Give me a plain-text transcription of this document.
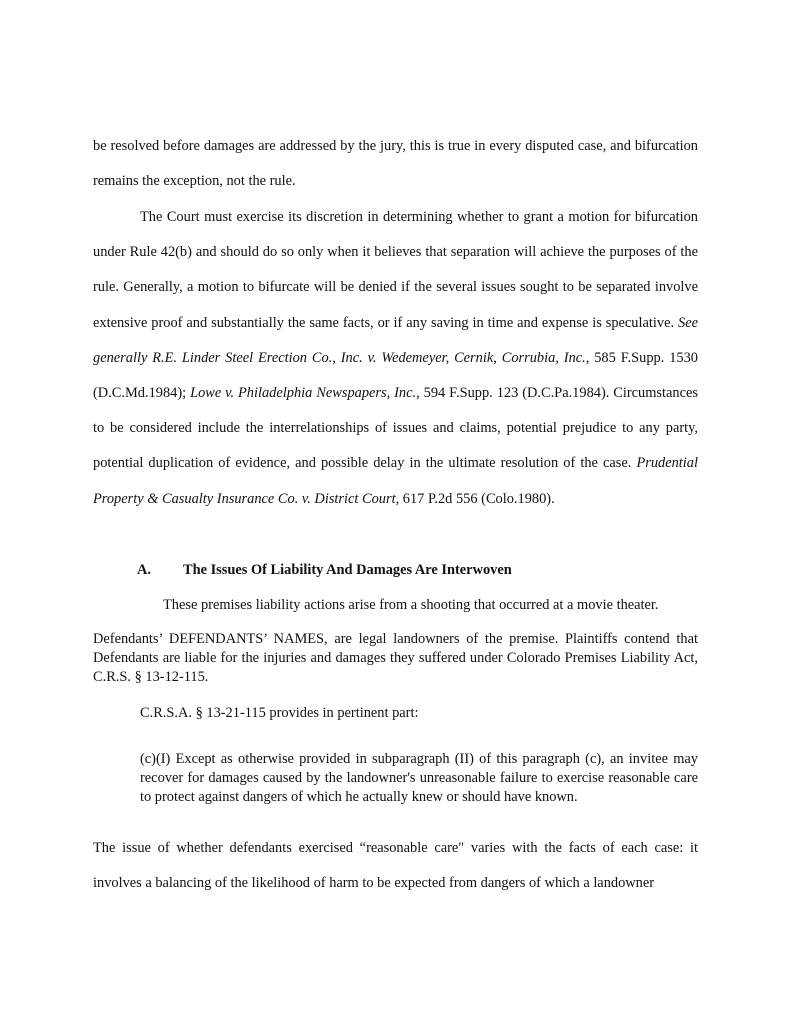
be resolved before damages are addressed by the jury, this is true in every disputed case, and bifurcation remains the exception, not the rule.

The Court must exercise its discretion in determining whether to grant a motion for bifurcation under Rule 42(b) and should do so only when it believes that separation will achieve the purposes of the rule. Generally, a motion to bifurcate will be denied if the several issues sought to be separated involve extensive proof and substantially the same facts, or if any saving in time and expense is speculative. See generally R.E. Linder Steel Erection Co., Inc. v. Wedemeyer, Cernik, Corrubia, Inc., 585 F.Supp. 1530 (D.C.Md.1984); Lowe v. Philadelphia Newspapers, Inc., 594 F.Supp. 123 (D.C.Pa.1984). Circumstances to be considered include the interrelationships of issues and claims, potential prejudice to any party, potential duplication of evidence, and possible delay in the ultimate resolution of the case. Prudential Property & Casualty Insurance Co. v. District Court, 617 P.2d 556 (Colo.1980).

A. The Issues Of Liability And Damages Are Interwoven

These premises liability actions arise from a shooting that occurred at a movie theater.

Defendants’ DEFENDANTS’ NAMES, are legal landowners of the premise. Plaintiffs contend that Defendants are liable for the injuries and damages they suffered under Colorado Premises Liability Act, C.R.S. § 13-12-115.

C.R.S.A. § 13-21-115 provides in pertinent part:

(c)(I) Except as otherwise provided in subparagraph (II) of this paragraph (c), an invitee may recover for damages caused by the landowner's unreasonable failure to exercise reasonable care to protect against dangers of which he actually knew or should have known.

The issue of whether defendants exercised “reasonable care" varies with the facts of each case: it involves a balancing of the likelihood of harm to be expected from dangers of which a landowner
